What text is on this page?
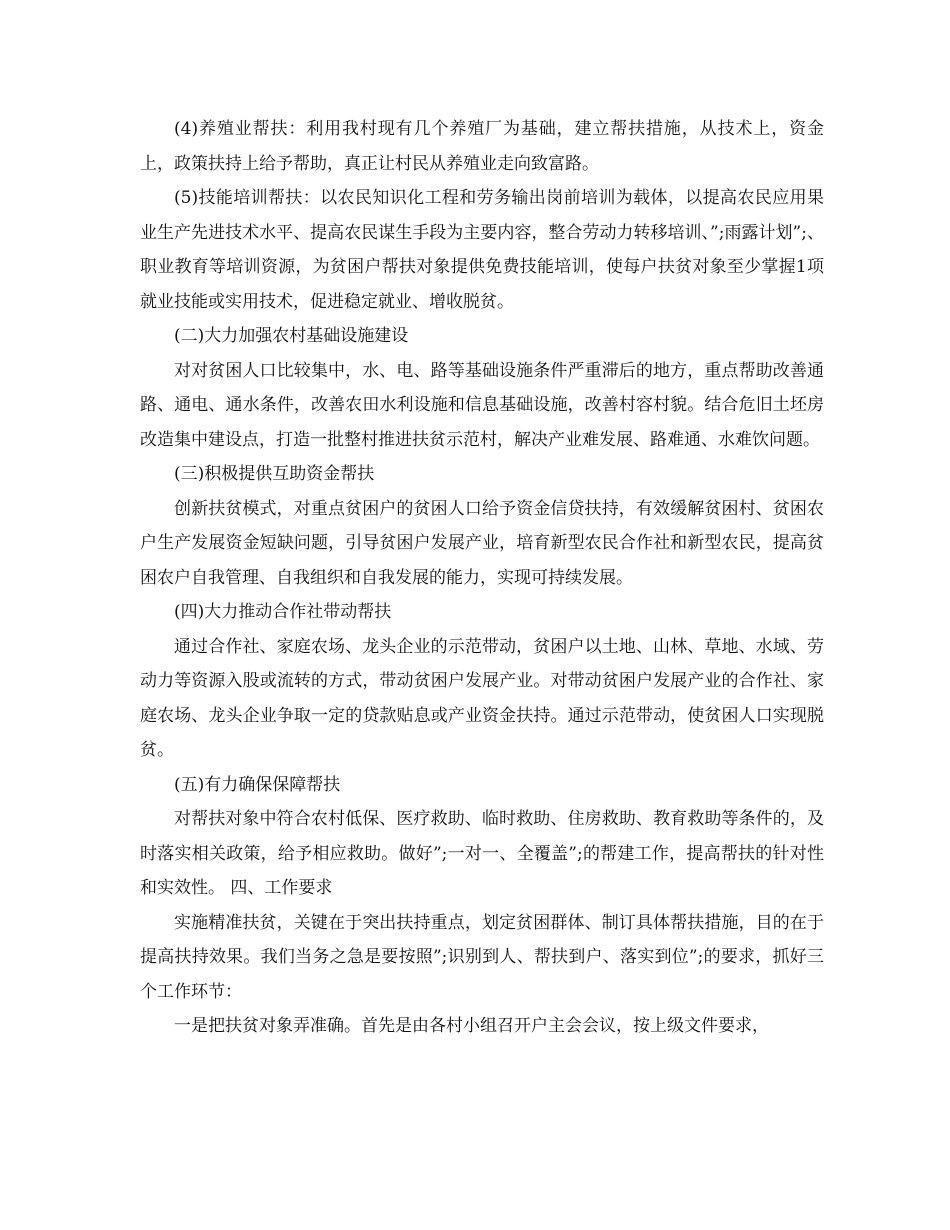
(4)养殖业帮扶：利用我村现有几个养殖厂为基础，建立帮扶措施，从技术上，资金上，政策扶持上给予帮助，真正让村民从养殖业走向致富路。

(5)技能培训帮扶：以农民知识化工程和劳务输出岗前培训为载体，以提高农民应用果业生产先进技术水平、提高农民谋生手段为主要内容，整合劳动力转移培训、”;雨露计划”;、职业教育等培训资源，为贫困户帮扶对象提供免费技能培训，使每户扶贫对象至少掌握1项就业技能或实用技术，促进稳定就业、增收脱贫。

(二)大力加强农村基础设施建设

对对贫困人口比较集中，水、电、路等基础设施条件严重滞后的地方，重点帮助改善通路、通电、通水条件，改善农田水利设施和信息基础设施，改善村容村貌。结合危旧土坯房改造集中建设点，打造一批整村推进扶贫示范村，解决产业难发展、路难通、水难饮问题。

(三)积极提供互助资金帮扶

创新扶贫模式，对重点贫困户的贫困人口给予资金信贷扶持，有效缓解贫困村、贫困农户生产发展资金短缺问题，引导贫困户发展产业，培育新型农民合作社和新型农民，提高贫困农户自我管理、自我组织和自我发展的能力，实现可持续发展。

(四)大力推动合作社带动帮扶

通过合作社、家庭农场、龙头企业的示范带动，贫困户以土地、山林、草地、水域、劳动力等资源入股或流转的方式，带动贫困户发展产业。对带动贫困户发展产业的合作社、家庭农场、龙头企业争取一定的贷款贴息或产业资金扶持。通过示范带动，使贫困人口实现脱贫。

(五)有力确保保障帮扶

对帮扶对象中符合农村低保、医疗救助、临时救助、住房救助、教育救助等条件的，及时落实相关政策，给予相应救助。做好”;一对一、全覆盖”;的帮建工作，提高帮扶的针对性和实效性。 四、工作要求

实施精准扶贫，关键在于突出扶持重点，划定贫困群体、制订具体帮扶措施，目的在于提高扶持效果。我们当务之急是要按照”;识别到人、帮扶到户、落实到位”;的要求，抓好三个工作环节：

一是把扶贫对象弄准确。首先是由各村小组召开户主会会议，按上级文件要求，
